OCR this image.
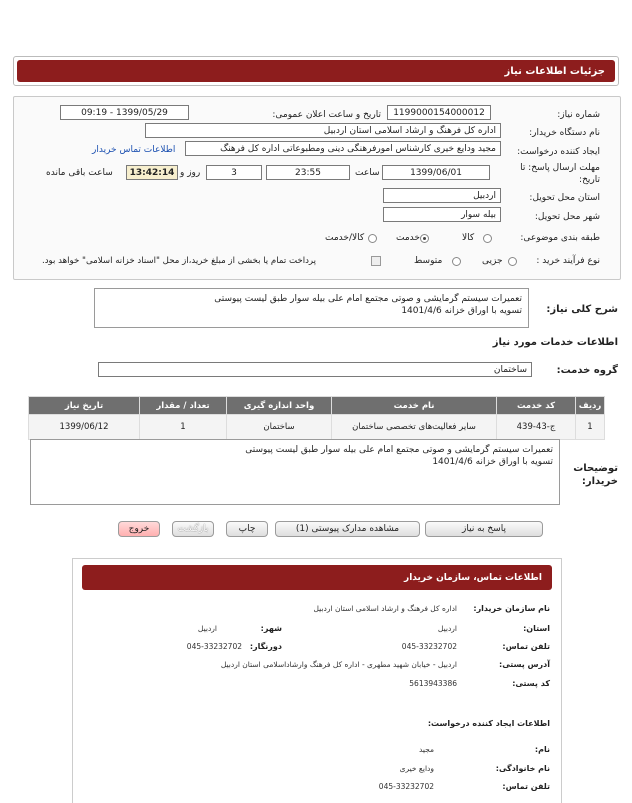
جزئیات اطلاعات نیاز
شماره نیاز:
1199000154000012
تاریخ و ساعت اعلان عمومی:
1399/05/29 - 09:19
نام دستگاه خریدار:
اداره کل فرهنگ و ارشاد اسلامی استان اردبیل
ایجاد کننده درخواست:
مجید ودایع خیری کارشناس امورفرهنگی دینی ومطبوعاتی اداره کل فرهنگ
اطلاعات تماس خریدار
مهلت ارسال پاسخ: تا تاریخ:
1399/06/01
ساعت
23:55
3
روز و
13:42:14
ساعت باقی مانده
استان محل تحویل:
اردبیل
شهر محل تحویل:
بیله سوار
طبقه بندی موضوعی:
کالا
خدمت
کالا/خدمت
نوع فرآیند خرید :
جزیی
متوسط
پرداخت تمام یا بخشی از مبلغ خرید،از محل "اسناد خزانه اسلامی" خواهد بود.
شرح کلی نیاز:
تعمیرات سیستم گرمایشی و صوتی مجتمع امام علی بیله سوار طبق لیست پیوستی
تسویه با اوراق خزانه 1401/4/6
اطلاعات خدمات مورد نیاز
گروه خدمت:
ساختمان
ردیف	کد خدمت	نام خدمت	واحد اندازه گیری	تعداد / مقدار	تاریخ نیاز
1	ج-43-439	سایر فعالیت‌های تخصصی ساختمان	ساختمان	1	1399/06/12
توضیحات خریدار:
تعمیرات سیستم گرمایشی و صوتی مجتمع امام علی بیله سوار طبق لیست پیوستی
تسویه با اوراق خزانه 1401/4/6
پاسخ به نیاز
مشاهده مدارک پیوستی (1)
چاپ
بازگشت
خروج
اطلاعات تماس، سازمان خریدار
نام سازمان خریدار:
اداره کل فرهنگ و ارشاد اسلامی استان اردبیل
استان:
اردبیل
شهر:
اردبیل
تلفن تماس:
045-33232702
دورنگار:
045-33232702
آدرس پستی:
اردبیل - خیابان شهید مطهری - اداره کل فرهنگ وارشاداسلامی استان اردبیل
کد پستی:
5613943386
اطلاعات ایجاد کننده درخواست:
نام:
مجید
نام خانوادگی:
ودایع خیری
تلفن تماس:
045-33232702
